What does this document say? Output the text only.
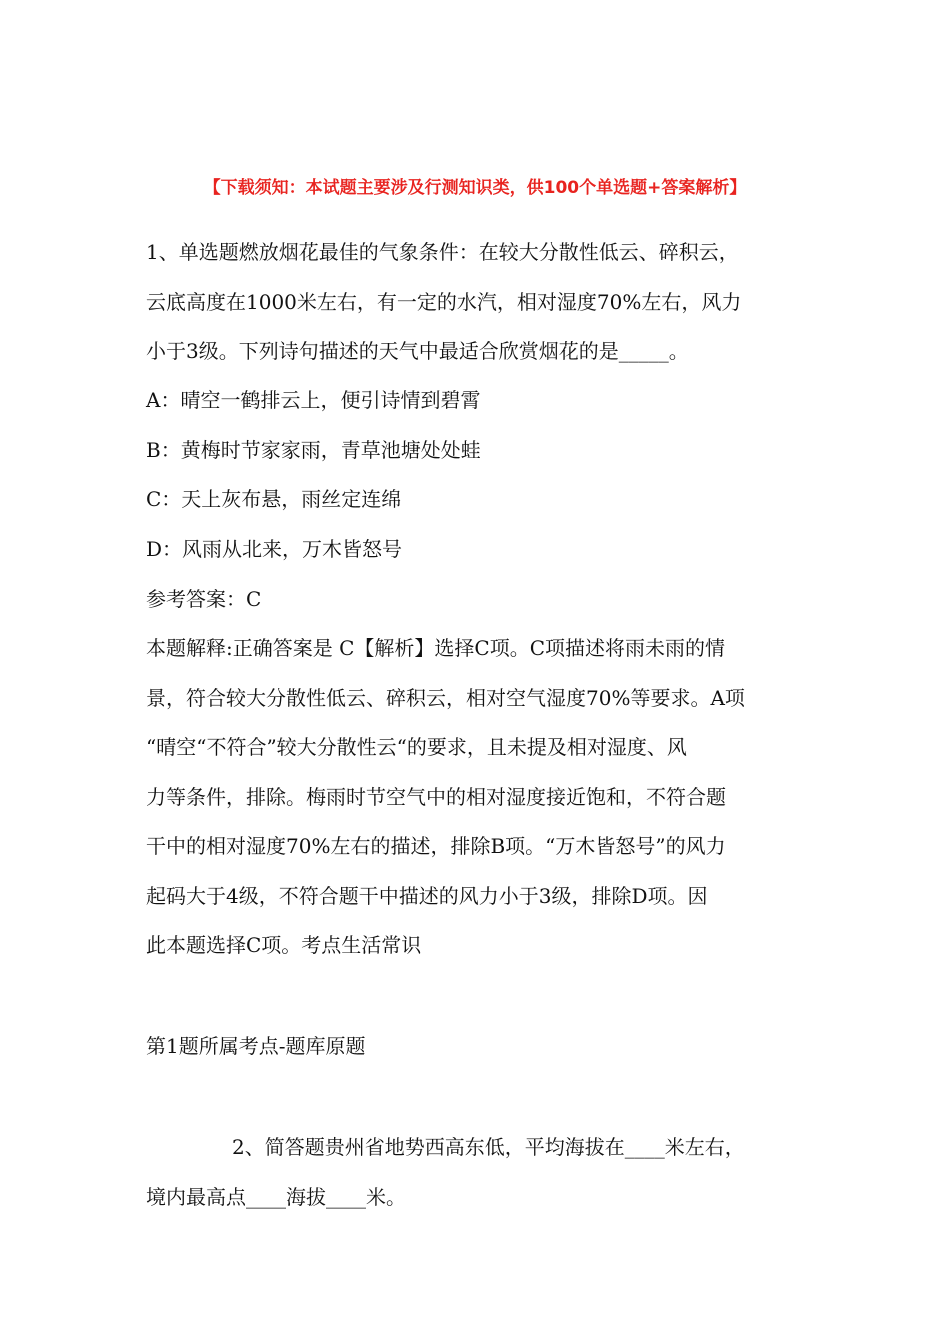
【下载须知：本试题主要涉及行测知识类，供100个单选题+答案解析】
1、单选题燃放烟花最佳的气象条件：在较大分散性低云、碎积云，
云底高度在1000米左右，有一定的水汽，相对湿度70%左右，风力
小于3级。下列诗句描述的天气中最适合欣赏烟花的是_____。
A：晴空一鹤排云上，便引诗情到碧霄
B：黄梅时节家家雨，青草池塘处处蛙
C：天上灰布悬，雨丝定连绵
D：风雨从北来，万木皆怒号
参考答案：C
本题解释:正确答案是 C【解析】选择C项。C项描述将雨未雨的情
景，符合较大分散性低云、碎积云，相对空气湿度70%等要求。A项
“晴空“不符合”较大分散性云“的要求，且未提及相对湿度、风
力等条件，排除。梅雨时节空气中的相对湿度接近饱和，不符合题
干中的相对湿度70%左右的描述，排除B项。“万木皆怒号”的风力
起码大于4级，不符合题干中描述的风力小于3级，排除D项。因
此本题选择C项。考点生活常识
第1题所属考点-题库原题
2、简答题贵州省地势西高东低，平均海拔在____米左右，
境内最高点____海拔____米。
